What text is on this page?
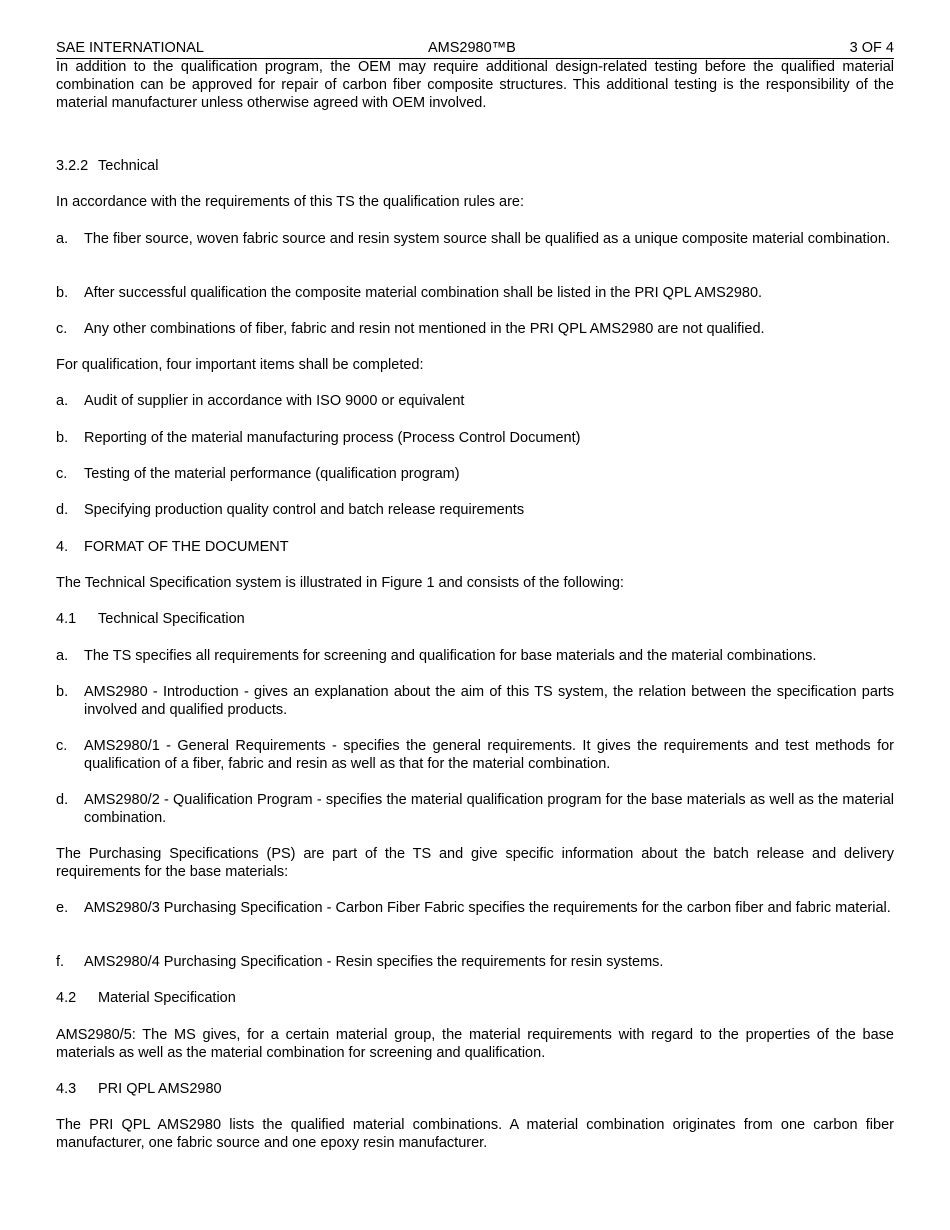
SAE INTERNATIONAL	AMS2980™B	3 OF 4

In addition to the qualification program, the OEM may require additional design-related testing before the qualified material combination can be approved for repair of carbon fiber composite structures. This additional testing is the responsibility of the material manufacturer unless otherwise agreed with OEM involved.

3.2.2 Technical

In accordance with the requirements of this TS the qualification rules are:

a. The fiber source, woven fabric source and resin system source shall be qualified as a unique composite material combination.

b. After successful qualification the composite material combination shall be listed in the PRI QPL AMS2980.

c. Any other combinations of fiber, fabric and resin not mentioned in the PRI QPL AMS2980 are not qualified.

For qualification, four important items shall be completed:

a. Audit of supplier in accordance with ISO 9000 or equivalent

b. Reporting of the material manufacturing process (Process Control Document)

c. Testing of the material performance (qualification program)

d. Specifying production quality control and batch release requirements

4. FORMAT OF THE DOCUMENT

The Technical Specification system is illustrated in Figure 1 and consists of the following:

4.1 Technical Specification
a. The TS specifies all requirements for screening and qualification for base materials and the material combinations.

b. AMS2980 - Introduction - gives an explanation about the aim of this TS system, the relation between the specification parts involved and qualified products.

c. AMS2980/1 - General Requirements - specifies the general requirements. It gives the requirements and test methods for qualification of a fiber, fabric and resin as well as that for the material combination.

d. AMS2980/2 - Qualification Program - specifies the material qualification program for the base materials as well as the material combination.

The Purchasing Specifications (PS) are part of the TS and give specific information about the batch release and delivery requirements for the base materials:

e. AMS2980/3 Purchasing Specification - Carbon Fiber Fabric specifies the requirements for the carbon fiber and fabric material.

f. AMS2980/4 Purchasing Specification - Resin specifies the requirements for resin systems.

4.2 Material Specification

AMS2980/5: The MS gives, for a certain material group, the material requirements with regard to the properties of the base materials as well as the material combination for screening and qualification.

4.3 PRI QPL AMS2980

The PRI QPL AMS2980 lists the qualified material combinations. A material combination originates from one carbon fiber manufacturer, one fabric source and one epoxy resin manufacturer.
